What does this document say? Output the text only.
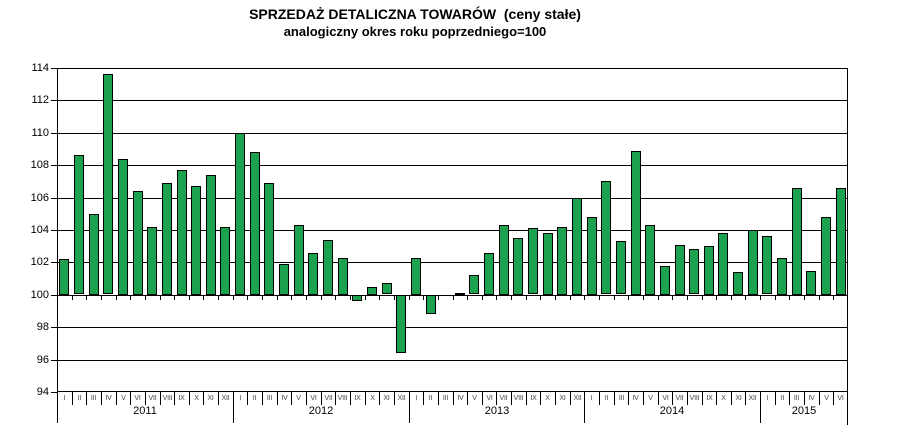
SPRZEDAŻ DETALICZNA TOWARÓW  (ceny stałe)
analogiczny okres roku poprzedniego=100
114
112
110
108
106
104
102
100
98
96
94
I	II	III	IV	V	VI	VII VIII IX	X	XI	XII
2011
I	II	III	IV	V	VI	VII VIII	IX	X	XI	XII
2012
I	II	III	IV	V	VI VII VIII	IX	X	XI	XII
2013
I	II	III	IV	V	VI VII VIII	IX	X	XI XII
2014
I	II	III	IV	V	VI
2015
